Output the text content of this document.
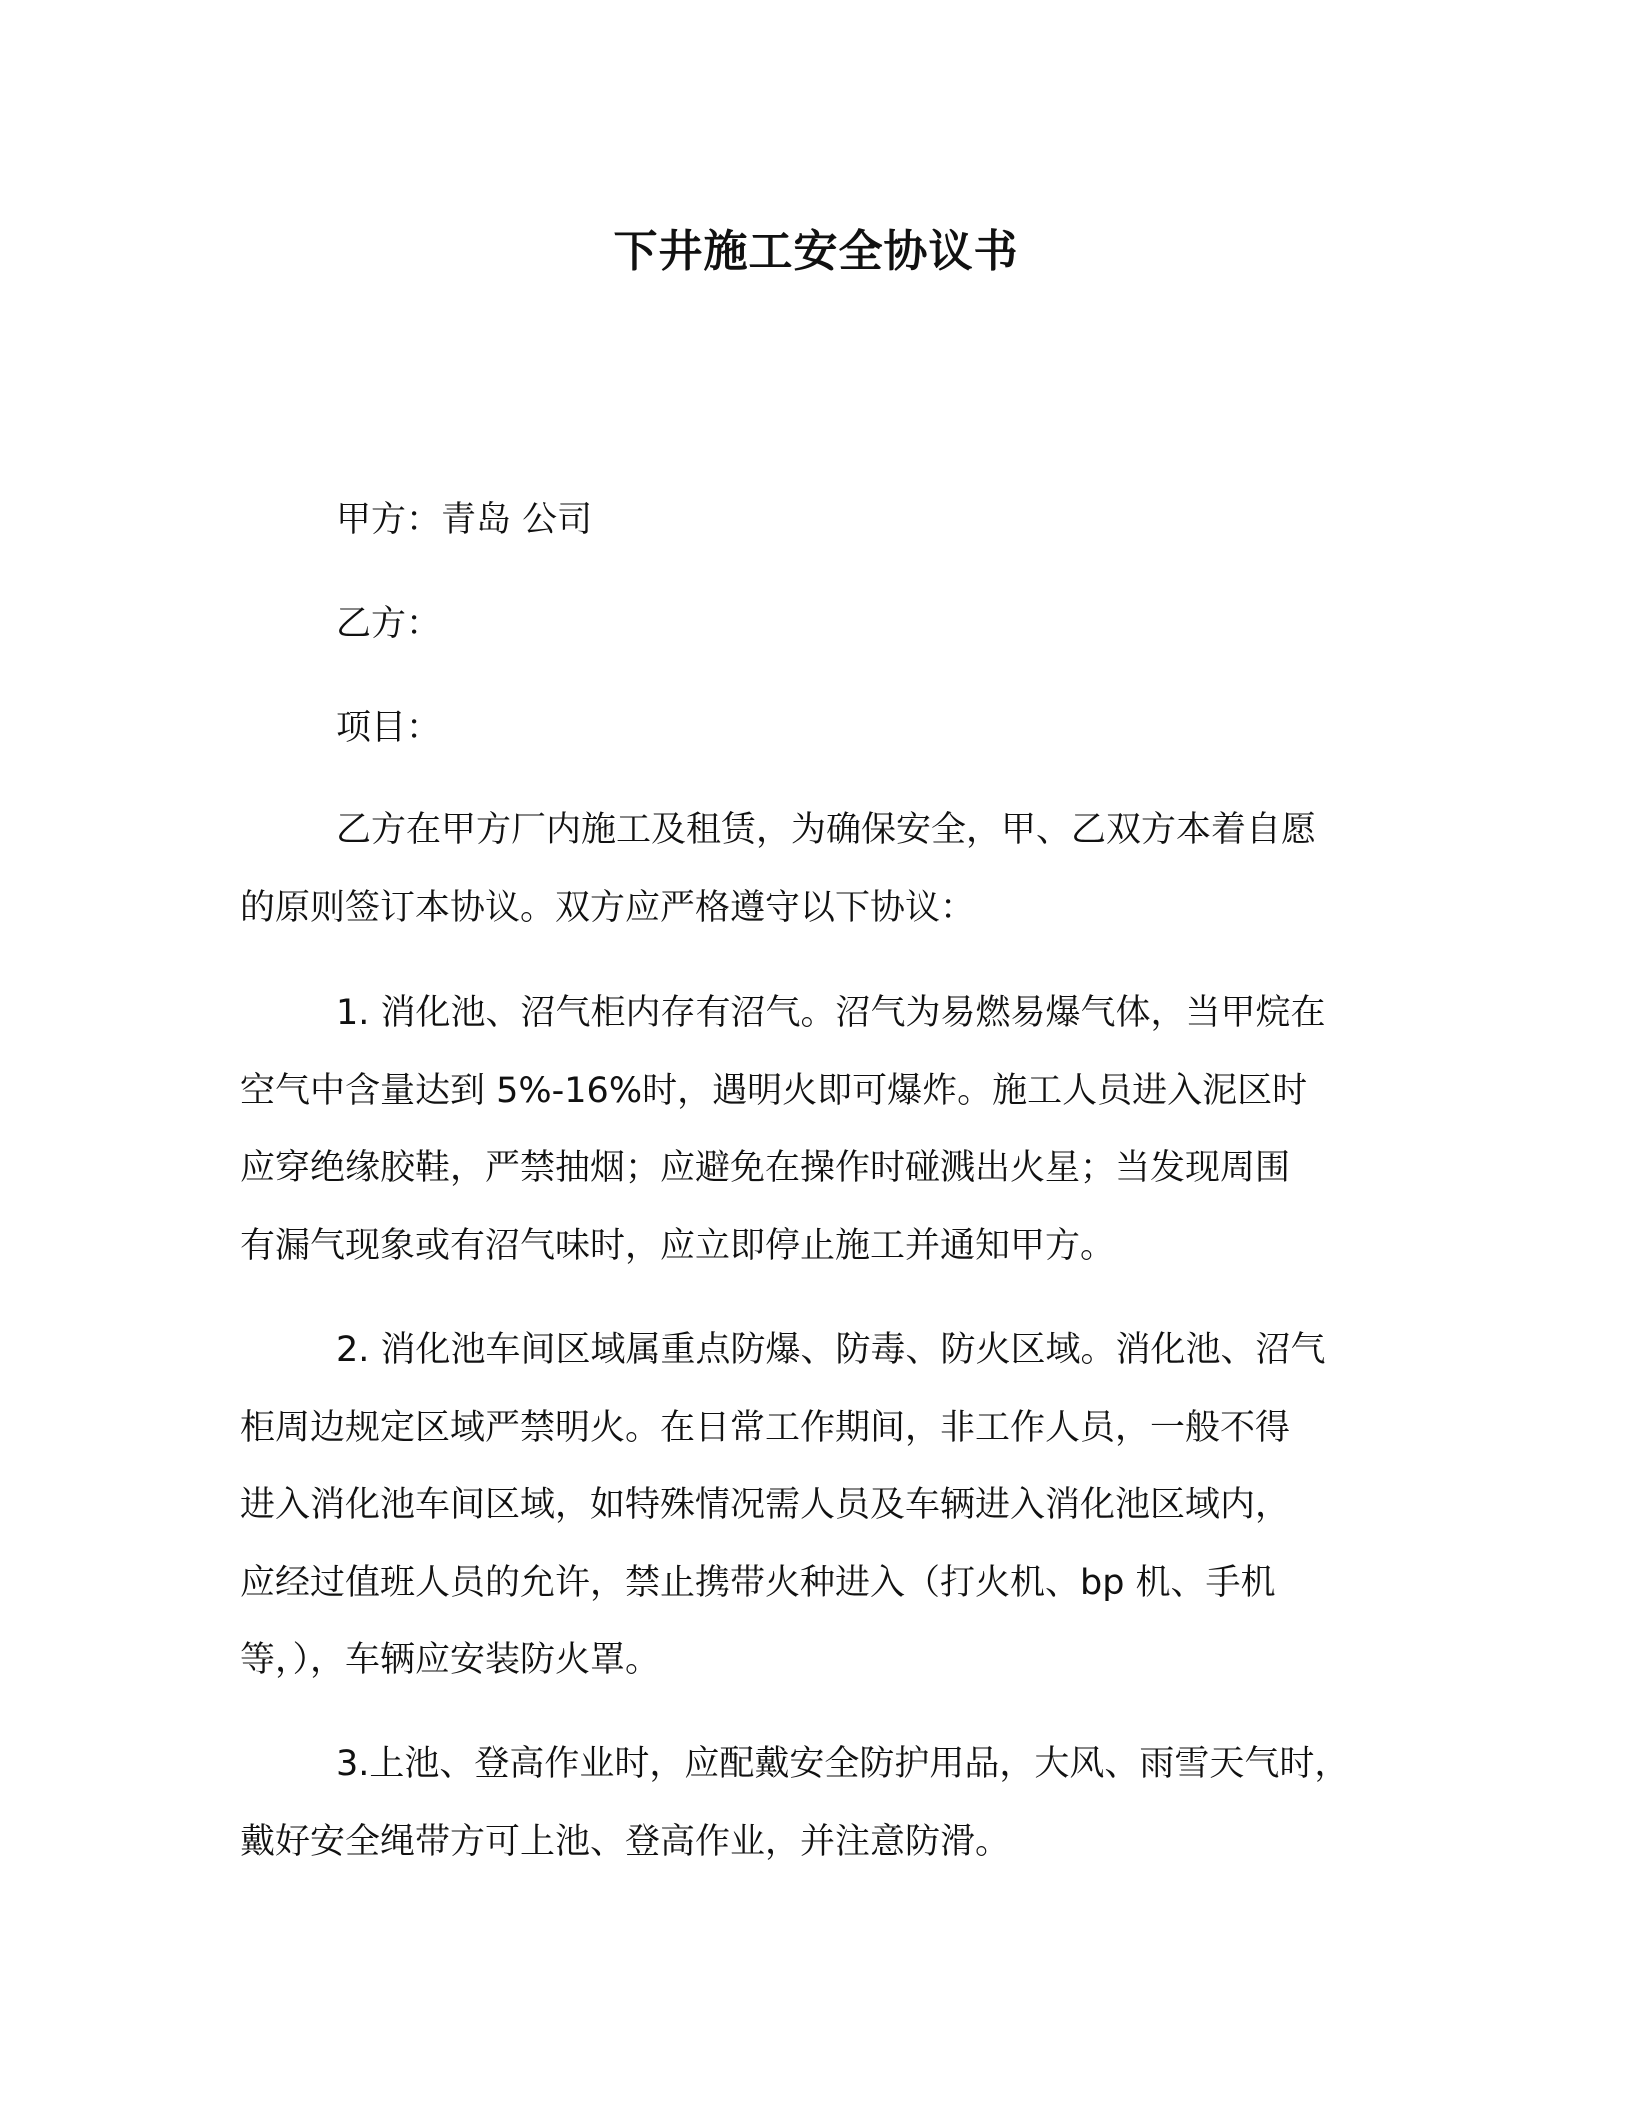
下井施工安全协议书
甲方：青岛 公司
乙方：
项目：
乙方在甲方厂内施工及租赁，为确保安全，甲、乙双方本着自愿
的原则签订本协议。双方应严格遵守以下协议：
1. 消化池、沼气柜内存有沼气。沼气为易燃易爆气体，当甲烷在
空气中含量达到 5%-16%时，遇明火即可爆炸。施工人员进入泥区时
应穿绝缘胶鞋，严禁抽烟；应避免在操作时碰溅出火星；当发现周围
有漏气现象或有沼气味时，应立即停止施工并通知甲方。
2. 消化池车间区域属重点防爆、防毒、防火区域。消化池、沼气
柜周边规定区域严禁明火。在日常工作期间，非工作人员，一般不得
进入消化池车间区域，如特殊情况需人员及车辆进入消化池区域内，
应经过值班人员的允许，禁止携带火种进入（打火机、bp 机、手机
等，），车辆应安装防火罩。
3.上池、登高作业时，应配戴安全防护用品，大风、雨雪天气时，
戴好安全绳带方可上池、登高作业，并注意防滑。
